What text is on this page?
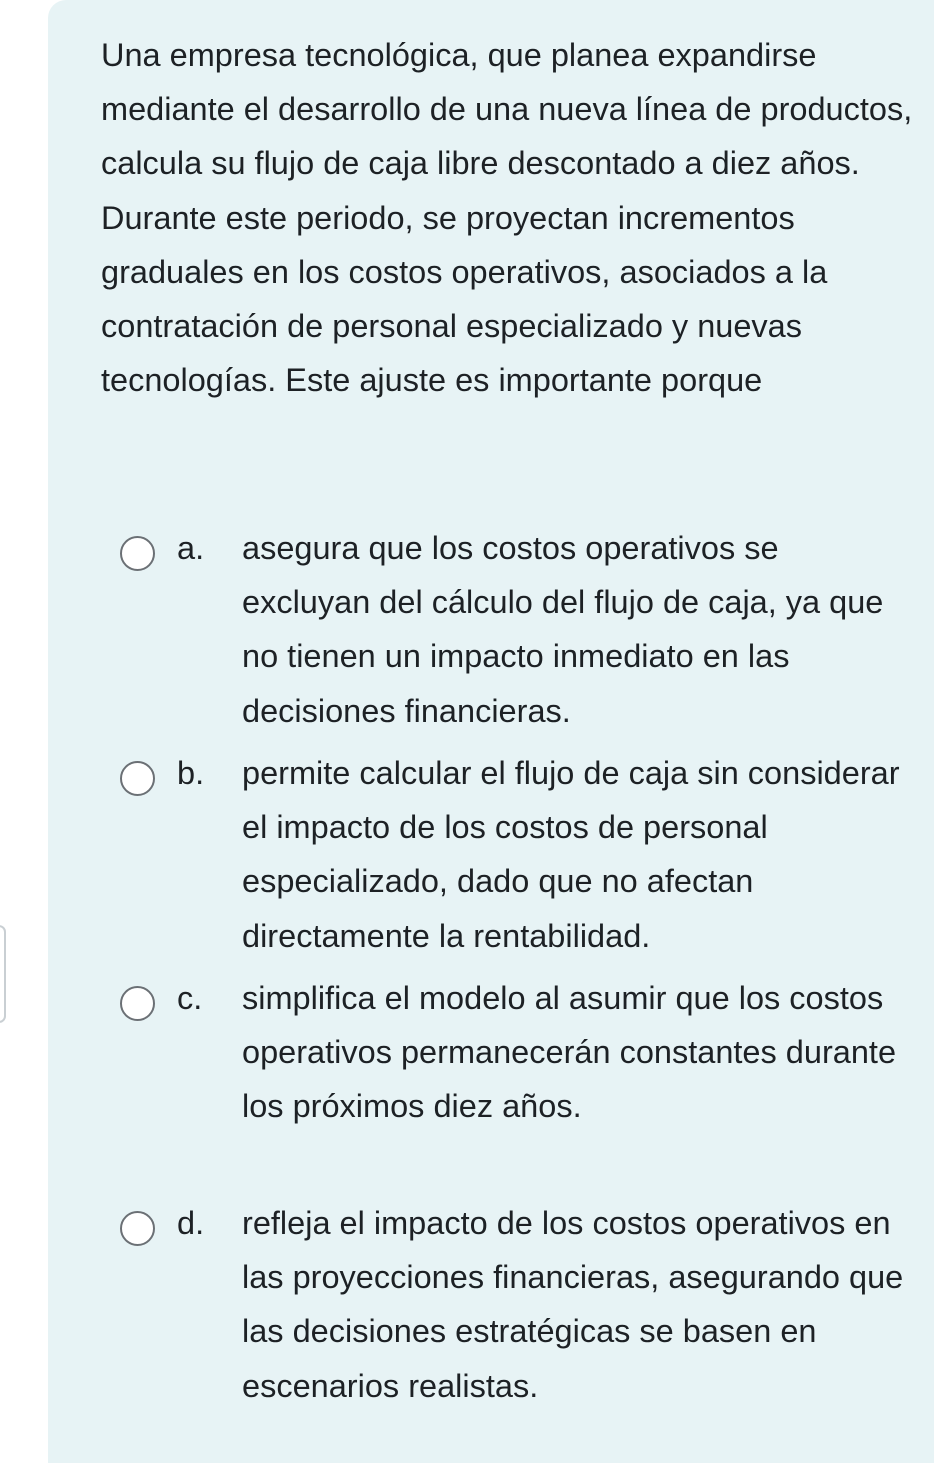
Una empresa tecnológica, que planea expandirse mediante el desarrollo de una nueva línea de productos, calcula su flujo de caja libre descontado a diez años. Durante este periodo, se proyectan incrementos graduales en los costos operativos, asociados a la contratación de personal especializado y nuevas tecnologías. Este ajuste es importante porque

a. asegura que los costos operativos se excluyan del cálculo del flujo de caja, ya que no tienen un impacto inmediato en las decisiones financieras.
b. permite calcular el flujo de caja sin considerar el impacto de los costos de personal especializado, dado que no afectan directamente la rentabilidad.
c. simplifica el modelo al asumir que los costos operativos permanecerán constantes durante los próximos diez años.
d. refleja el impacto de los costos operativos en las proyecciones financieras, asegurando que las decisiones estratégicas se basen en escenarios realistas.
